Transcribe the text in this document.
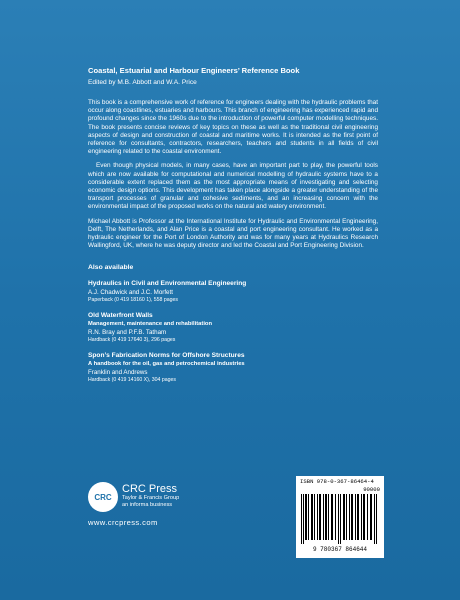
Coastal, Estuarial and Harbour Engineers’ Reference Book
Edited by M.B. Abbott and W.A. Price

This book is a comprehensive work of reference for engineers dealing with the hydraulic problems that occur along coastlines, estuaries and harbours. This branch of engineering has experienced rapid and profound changes since the 1960s due to the introduction of powerful computer modelling techniques. The book presents concise reviews of key topics on these as well as the traditional civil engineering aspects of design and construction of coastal and maritime works. It is intended as the first point of reference for consultants, contractors, researchers, teachers and students in all fields of civil engineering related to the coastal environment.

Even though physical models, in many cases, have an important part to play, the powerful tools which are now available for computational and numerical modelling of hydraulic systems have to a considerable extent replaced them as the most appropriate means of investigating and selecting economic design options. This development has taken place alongside a greater understanding of the transport processes of granular and cohesive sediments, and an increasing concern with the environmental impact of the proposed works on the natural and watery environment.

Michael Abbott is Professor at the International Institute for Hydraulic and Environmental Engineering, Delft, The Netherlands, and Alan Price is a coastal and port engineering consultant. He worked as a hydraulic engineer for the Port of London Authority and was for many years at Hydraulics Research Wallingford, UK, where he was deputy director and led the Coastal and Port Engineering Division.

Also available
Hydraulics in Civil and Environmental Engineering
A.J. Chadwick and J.C. Morfett
Paperback (0 419 18160 1), 558 pages
Old Waterfront Walls
Management, maintenance and rehabilitation
R.N. Bray and P.F.B. Tatham
Hardback (0 419 17640 3), 296 pages
Spon’s Fabrication Norms for Offshore Structures
A handbook for the oil, gas and petrochemical industries
Franklin and Andrews
Hardback (0 419 14160 X), 304 pages
CRC
CRC Press
Taylor & Francis Group
an informa business
www.crcpress.com
ISBN 978-0-367-86464-4
90000
9 780367 864644
